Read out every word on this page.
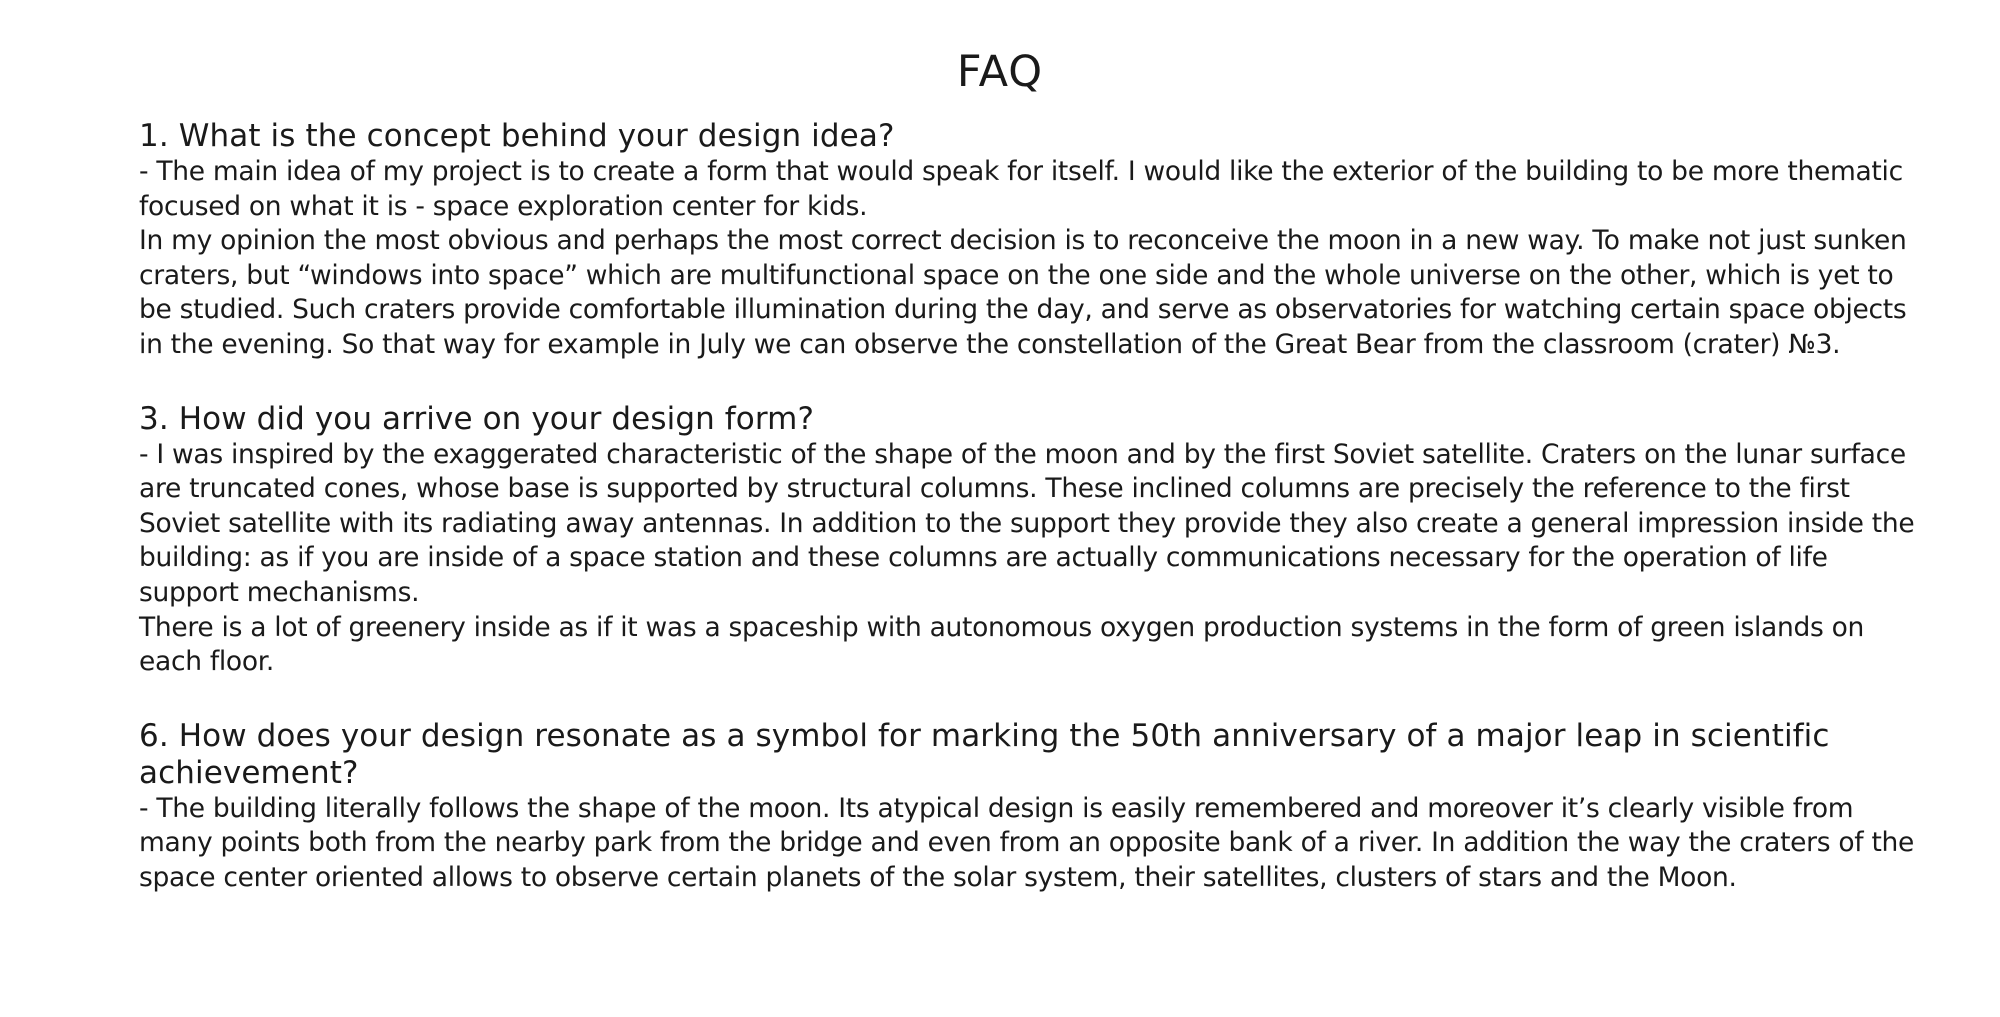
FAQ
1. What is the concept behind your design idea?

- The main idea of my project is to create a form that would speak for itself. I would like the exterior of the building to be more thematic focused on what it is - space exploration center for kids.

In my opinion the most obvious and perhaps the most correct decision is to reconceive the moon in a new way. To make not just sunken craters, but “windows into space” which are multifunctional space on the one side and the whole universe on the other, which is yet to be studied. Such craters provide comfortable illumination during the day, and serve as observatories for watching certain space objects in the evening. So that way for example in July we can observe the constellation of the Great Bear from the classroom (crater) №3.

3. How did you arrive on your design form?

- I was inspired by the exaggerated characteristic of the shape of the moon and by the first Soviet satellite. Craters on the lunar surface are truncated cones, whose base is supported by structural columns. These inclined columns are precisely the reference to the first Soviet satellite with its radiating away antennas. In addition to the support they provide they also create a general impression inside the building: as if you are inside of a space station and these columns are actually communications necessary for the operation of life support mechanisms.

There is a lot of greenery inside as if it was a spaceship with autonomous oxygen production systems in the form of green islands on each floor.

6. How does your design resonate as a symbol for marking the 50th anniversary of a major leap in scientific achievement?

- The building literally follows the shape of the moon. Its atypical design is easily remembered and moreover it’s clearly visible from many points both from the nearby park from the bridge and even from an opposite bank of a river. In addition the way the craters of the space center oriented allows to observe certain planets of the solar system, their satellites, clusters of stars and the Moon.
